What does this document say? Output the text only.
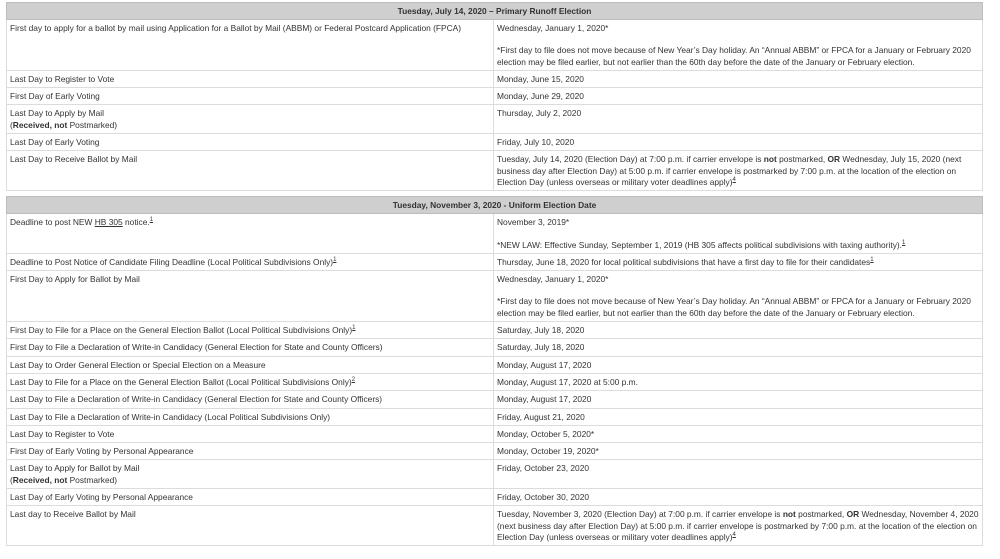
Tuesday, July 14, 2020 – Primary Runoff Election	
First day to apply for a ballot by mail using Application for a Ballot by Mail (ABBM) or Federal Postcard Application (FPCA)	Wednesday, January 1, 2020*
*First day to file does not move because of New Year’s Day holiday. An “Annual ABBM” or FPCA for a January or February 2020 election may be filed earlier, but not earlier than the 60th day before the date of the January or February election.

Last Day to Register to Vote	Monday, June 15, 2020
First Day of Early Voting	Monday, June 29, 2020
Last Day to Apply by Mail
(Received, not Postmarked)	Thursday, July 2, 2020
Last Day of Early Voting	Friday, July 10, 2020
Last Day to Receive Ballot by Mail	Tuesday, July 14, 2020 (Election Day) at 7:00 p.m. if carrier envelope is not postmarked, OR Wednesday, July 15, 2020 (next business day after Election Day) at 5:00 p.m. if carrier envelope is postmarked by 7:00 p.m. at the location of the election on Election Day (unless overseas or military voter deadlines apply)$^4$

Tuesday, November 3, 2020 - Uniform Election Date	
Deadline to post NEW HB 305 notice.$^1$	November 3, 2019*
*NEW LAW: Effective Sunday, September 1, 2019 (HB 305 affects political subdivisions with taxing authority).$^1$

Deadline to Post Notice of Candidate Filing Deadline (Local Political Subdivisions Only)$^1$	Thursday, June 18, 2020 for local political subdivisions that have a first day to file for their candidates$^1$
First Day to Apply for Ballot by Mail	Wednesday, January 1, 2020*
*First day to file does not move because of New Year’s Day holiday. An “Annual ABBM” or FPCA for a January or February 2020 election may be filed earlier, but not earlier than the 60th day before the date of the January or February election.

First Day to File for a Place on the General Election Ballot (Local Political Subdivisions Only)$^1$	Saturday, July 18, 2020
First Day to File a Declaration of Write-in Candidacy (General Election for State and County Officers)	Saturday, July 18, 2020
Last Day to Order General Election or Special Election on a Measure	Monday, August 17, 2020
Last Day to File for a Place on the General Election Ballot (Local Political Subdivisions Only)$^2$	Monday, August 17, 2020 at 5:00 p.m.
Last Day to File a Declaration of Write-in Candidacy (General Election for State and County Officers)	Monday, August 17, 2020
Last Day to File a Declaration of Write-in Candidacy (Local Political Subdivisions Only)	Friday, August 21, 2020
Last Day to Register to Vote	Monday, October 5, 2020*
First Day of Early Voting by Personal Appearance	Monday, October 19, 2020*
Last Day to Apply for Ballot by Mail
(Received, not Postmarked)	Friday, October 23, 2020
Last Day of Early Voting by Personal Appearance	Friday, October 30, 2020
Last day to Receive Ballot by Mail	Tuesday, November 3, 2020 (Election Day) at 7:00 p.m. if carrier envelope is not postmarked, OR Wednesday, November 4, 2020 (next business day after Election Day) at 5:00 p.m. if carrier envelope is postmarked by 7:00 p.m. at the location of the election on Election Day (unless overseas or military voter deadlines apply)$^4$
